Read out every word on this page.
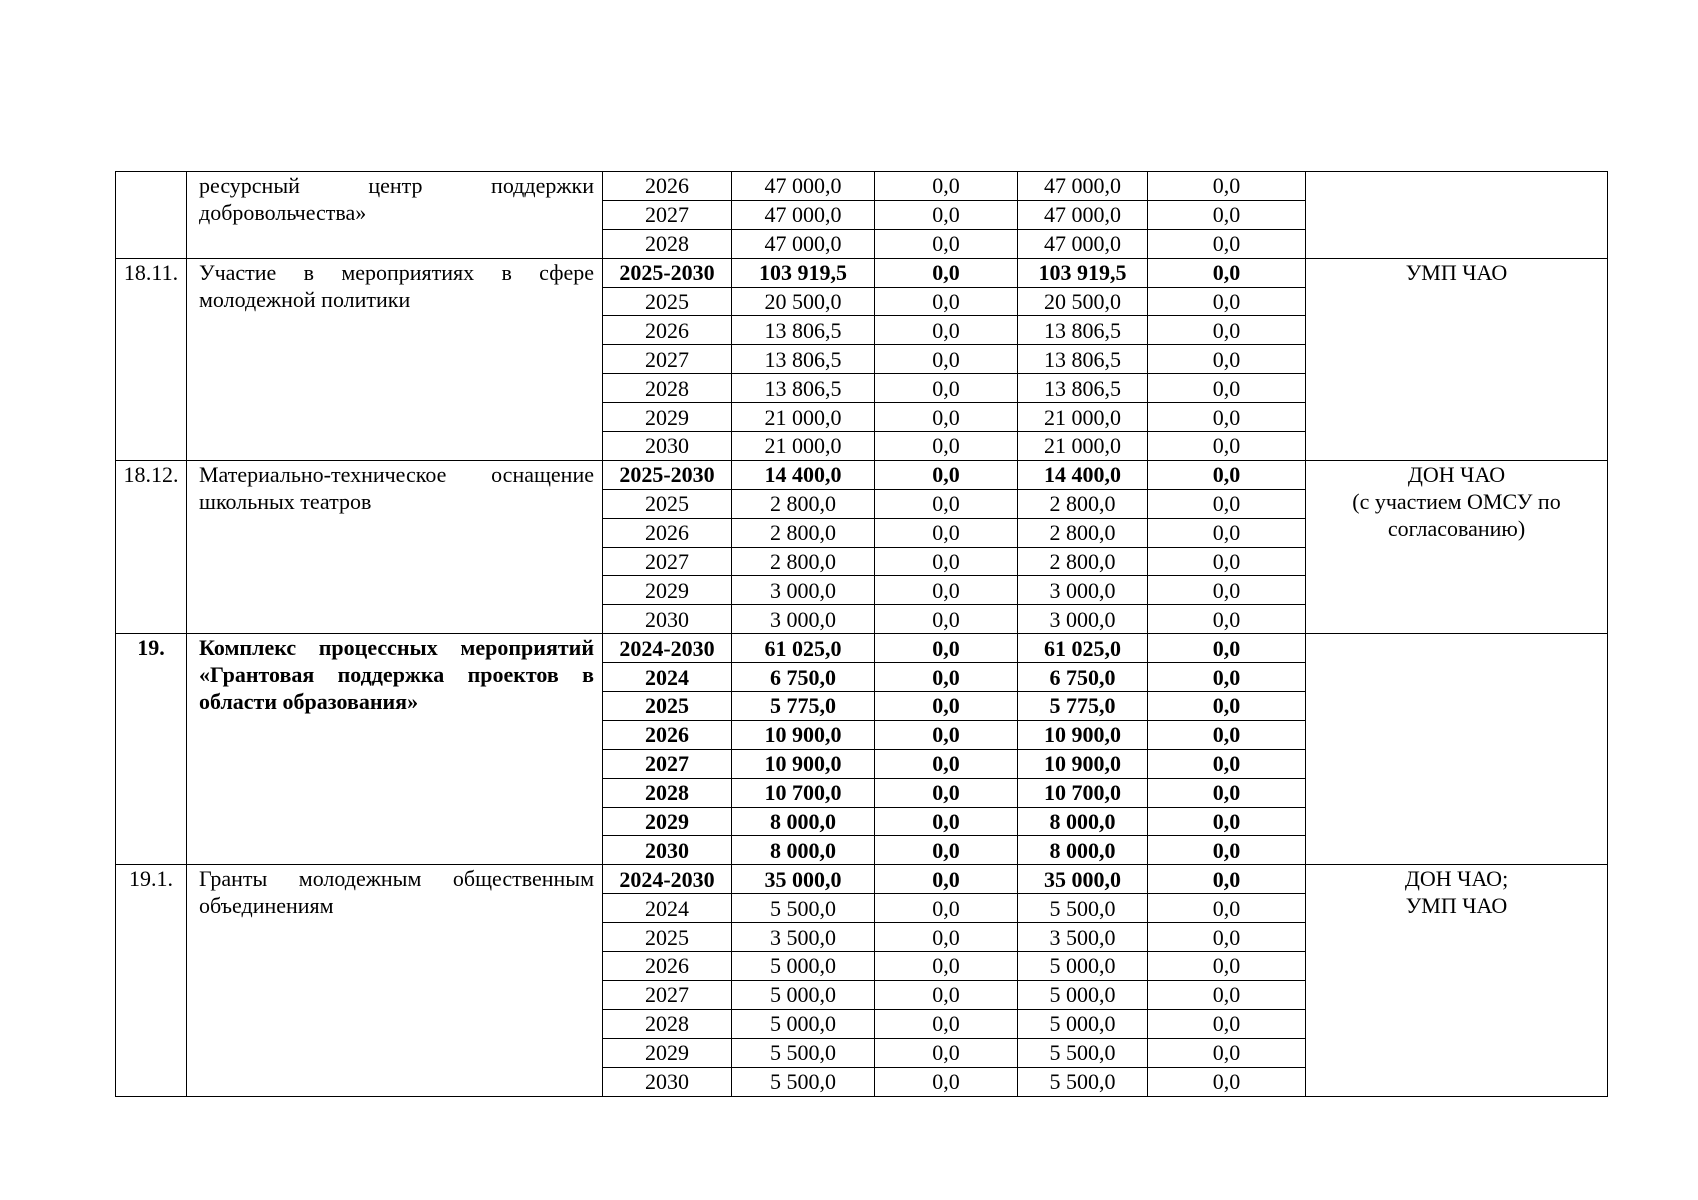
	ресурсный центр поддержки добровольчества»	2026	47 000,0	0,0	47 000,0	0,0	
		2027	47 000,0	0,0	47 000,0	0,0	
		2028	47 000,0	0,0	47 000,0	0,0	
18.11.	Участие в мероприятиях в сфере молодежной политики	2025-2030	103 919,5	0,0	103 919,5	0,0	УМП ЧАО

		2025	20 500,0	0,0	20 500,0	0,0	
		2026	13 806,5	0,0	13 806,5	0,0	
		2027	13 806,5	0,0	13 806,5	0,0	
		2028	13 806,5	0,0	13 806,5	0,0	
		2029	21 000,0	0,0	21 000,0	0,0	
		2030	21 000,0	0,0	21 000,0	0,0	
18.12.	Материально-техническое оснащение школьных театров	2025-2030	14 400,0	0,0	14 400,0	0,0	ДОН ЧАО
(с участием ОМСУ по
согласованию)

		2025	2 800,0	0,0	2 800,0	0,0	
		2026	2 800,0	0,0	2 800,0	0,0	
		2027	2 800,0	0,0	2 800,0	0,0	
		2029	3 000,0	0,0	3 000,0	0,0	
		2030	3 000,0	0,0	3 000,0	0,0	
19.	Комплекс процессных мероприятий «Грантовая поддержка проектов в области образования»	2024-2030	61 025,0	0,0	61 025,0	0,0	
		2024	6 750,0	0,0	6 750,0	0,0	
		2025	5 775,0	0,0	5 775,0	0,0	
		2026	10 900,0	0,0	10 900,0	0,0	
		2027	10 900,0	0,0	10 900,0	0,0	
		2028	10 700,0	0,0	10 700,0	0,0	
		2029	8 000,0	0,0	8 000,0	0,0	
		2030	8 000,0	0,0	8 000,0	0,0	
19.1.	Гранты молодежным общественным объединениям	2024-2030	35 000,0	0,0	35 000,0	0,0	ДОН ЧАО;
УМП ЧАО

		2024	5 500,0	0,0	5 500,0	0,0	
		2025	3 500,0	0,0	3 500,0	0,0	
		2026	5 000,0	0,0	5 000,0	0,0	
		2027	5 000,0	0,0	5 000,0	0,0	
		2028	5 000,0	0,0	5 000,0	0,0	
		2029	5 500,0	0,0	5 500,0	0,0	
		2030	5 500,0	0,0	5 500,0	0,0	
